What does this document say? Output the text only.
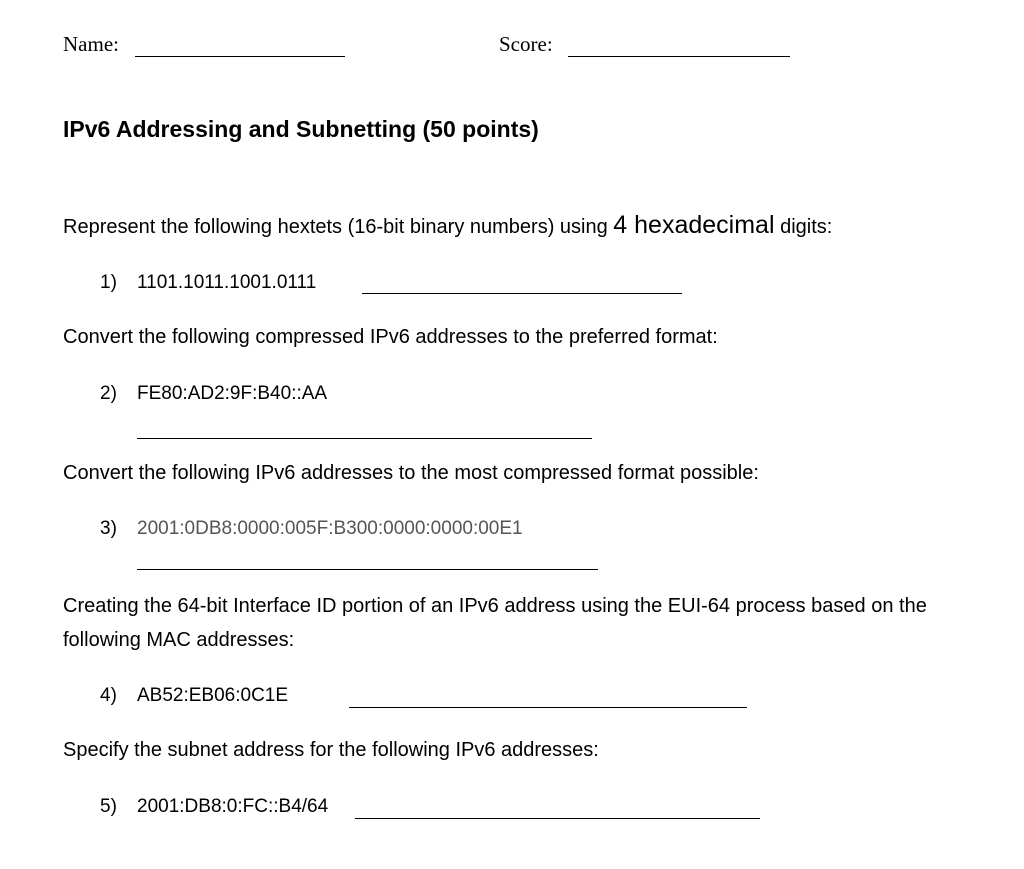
Name:	Score:
IPv6 Addressing and Subnetting (50 points)
Represent the following hextets (16-bit binary numbers) using 4 hexadecimal digits:
1) 1101.1011.1001.0111
Convert the following compressed IPv6 addresses to the preferred format:
2) FE80:AD2:9F:B40::AA
Convert the following IPv6 addresses to the most compressed format possible:
3) 2001:0DB8:0000:005F:B300:0000:0000:00E1
Creating the 64-bit Interface ID portion of an IPv6 address using the EUI-64 process based on the
following MAC addresses:
4) AB52:EB06:0C1E
Specify the subnet address for the following IPv6 addresses:
5) 2001:DB8:0:FC::B4/64
